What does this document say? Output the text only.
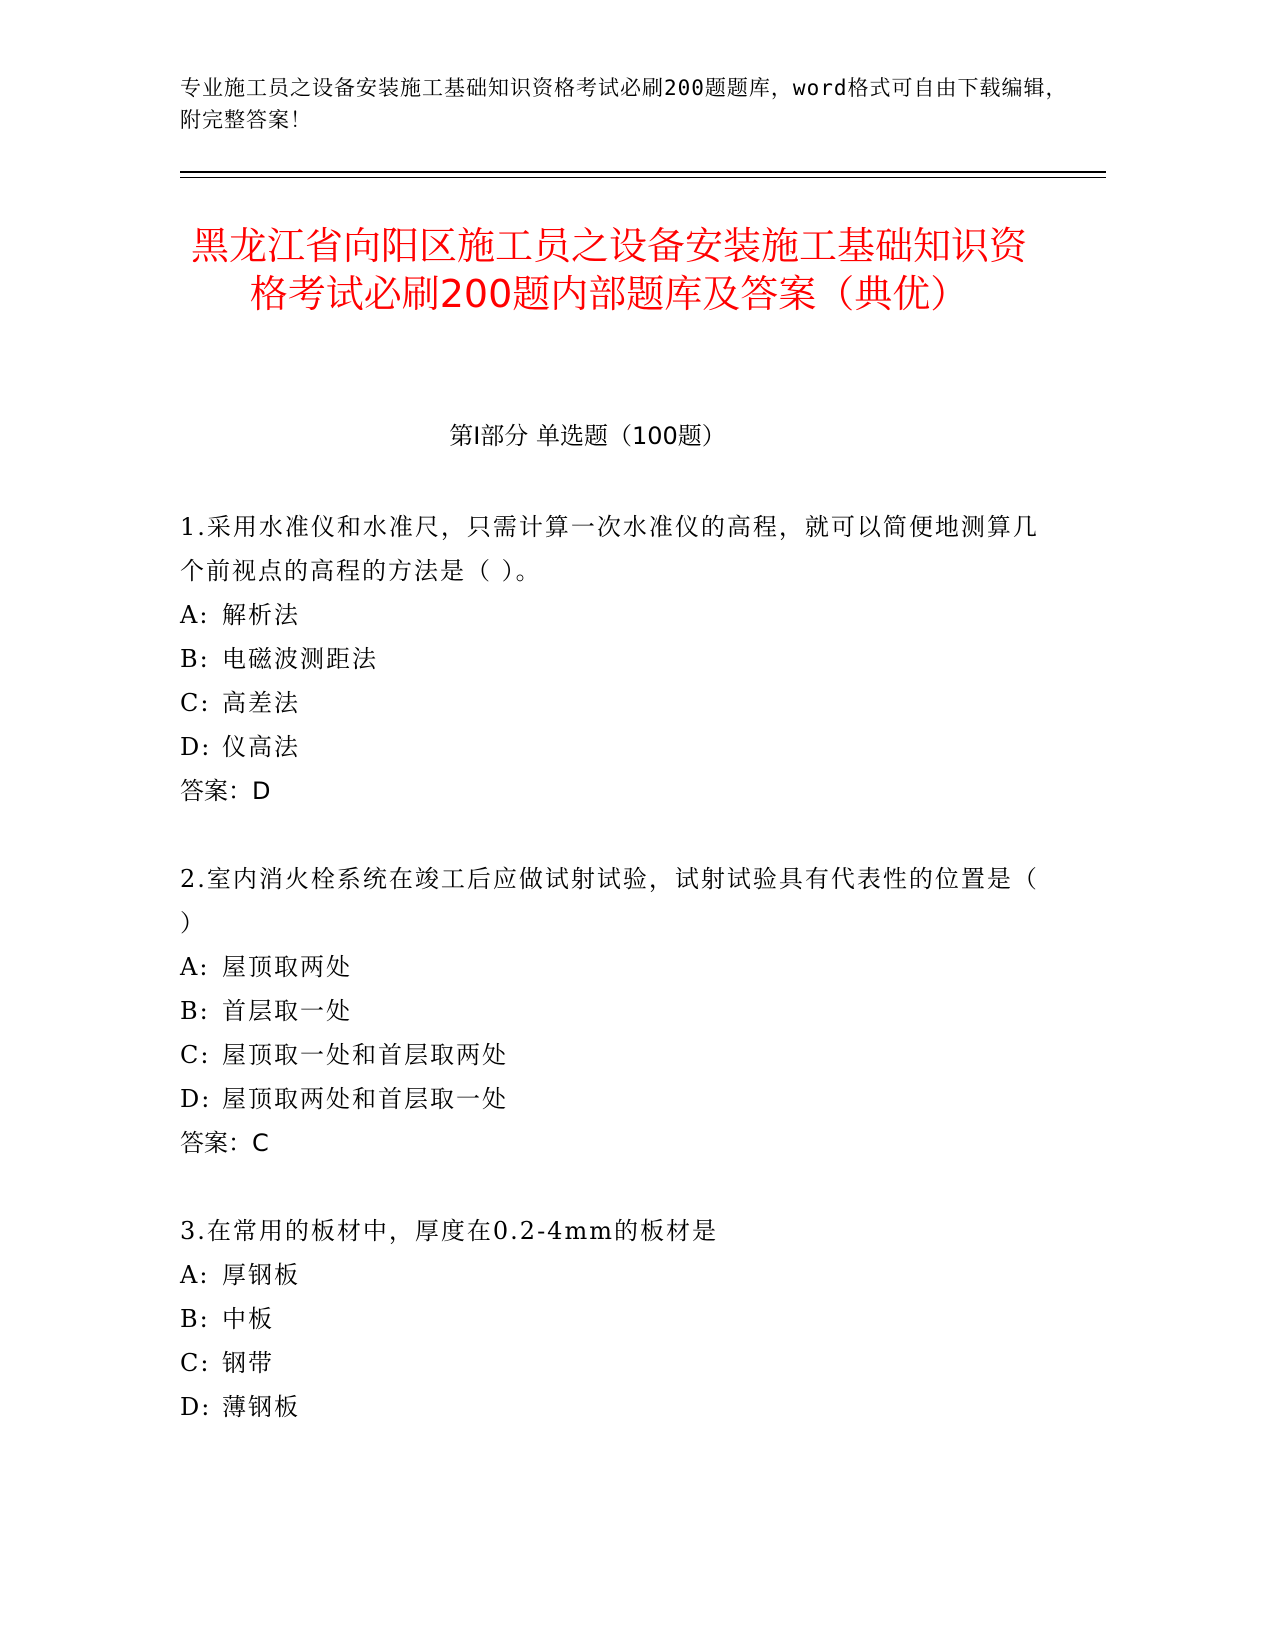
专业施工员之设备安装施工基础知识资格考试必刷200题题库，word格式可自由下载编辑，附完整答案！
黑龙江省向阳区施工员之设备安装施工基础知识资格考试必刷200题内部题库及答案（典优）
第I部分 单选题（100题）

1.采用水准仪和水准尺，只需计算一次水准仪的高程，就可以简便地测算几个前视点的高程的方法是（ ）。

A: 解析法
B: 电磁波测距法
C: 高差法
D: 仪高法

答案：D

2.室内消火栓系统在竣工后应做试射试验，试射试验具有代表性的位置是（ ）

A: 屋顶取两处
B: 首层取一处
C: 屋顶取一处和首层取两处
D: 屋顶取两处和首层取一处

答案：C

3.在常用的板材中，厚度在0.2-4mm的板材是

A: 厚钢板
B: 中板
C: 钢带
D: 薄钢板
